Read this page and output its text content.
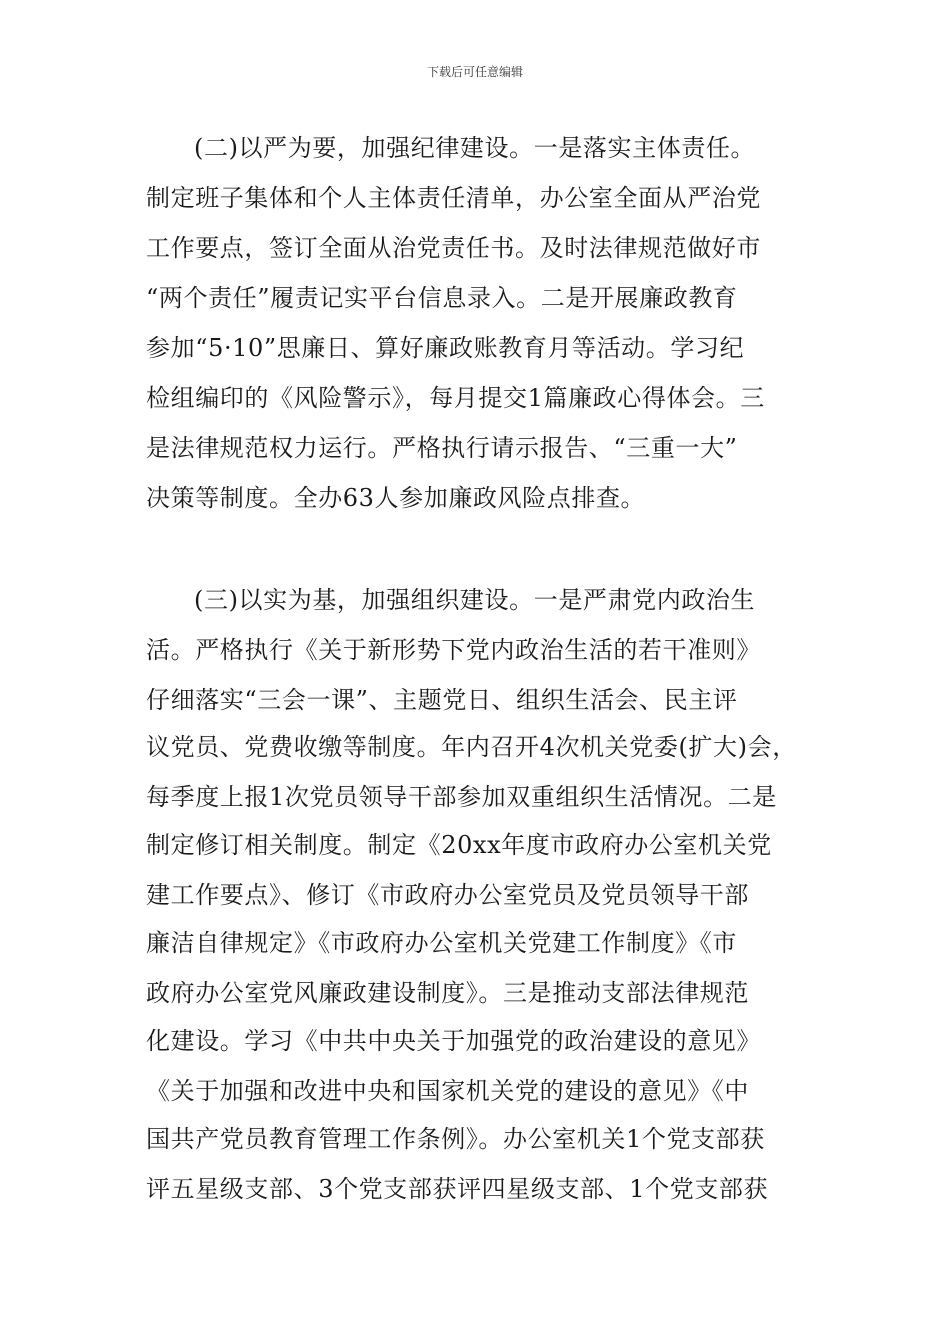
下载后可任意编辑
(二)以严为要，加强纪律建设。一是落实主体责任。
制定班子集体和个人主体责任清单，办公室全面从严治党
工作要点，签订全面从治党责任书。及时法律规范做好市
“两个责任”履责记实平台信息录入。二是开展廉政教育
参加“5·10”思廉日、算好廉政账教育月等活动。学习纪
检组编印的《风险警示》，每月提交1篇廉政心得体会。三
是法律规范权力运行。严格执行请示报告、“三重一大”
决策等制度。全办63人参加廉政风险点排查。
(三)以实为基，加强组织建设。一是严肃党内政治生
活。严格执行《关于新形势下党内政治生活的若干准则》
仔细落实“三会一课”、主题党日、组织生活会、民主评
议党员、党费收缴等制度。年内召开4次机关党委(扩大)会，
每季度上报1次党员领导干部参加双重组织生活情况。二是
制定修订相关制度。制定《20xx年度市政府办公室机关党
建工作要点》、修订《市政府办公室党员及党员领导干部
廉洁自律规定》《市政府办公室机关党建工作制度》《市
政府办公室党风廉政建设制度》。三是推动支部法律规范
化建设。学习《中共中央关于加强党的政治建设的意见》
《关于加强和改进中央和国家机关党的建设的意见》《中
国共产党员教育管理工作条例》。办公室机关1个党支部获
评五星级支部、3个党支部获评四星级支部、1个党支部获
